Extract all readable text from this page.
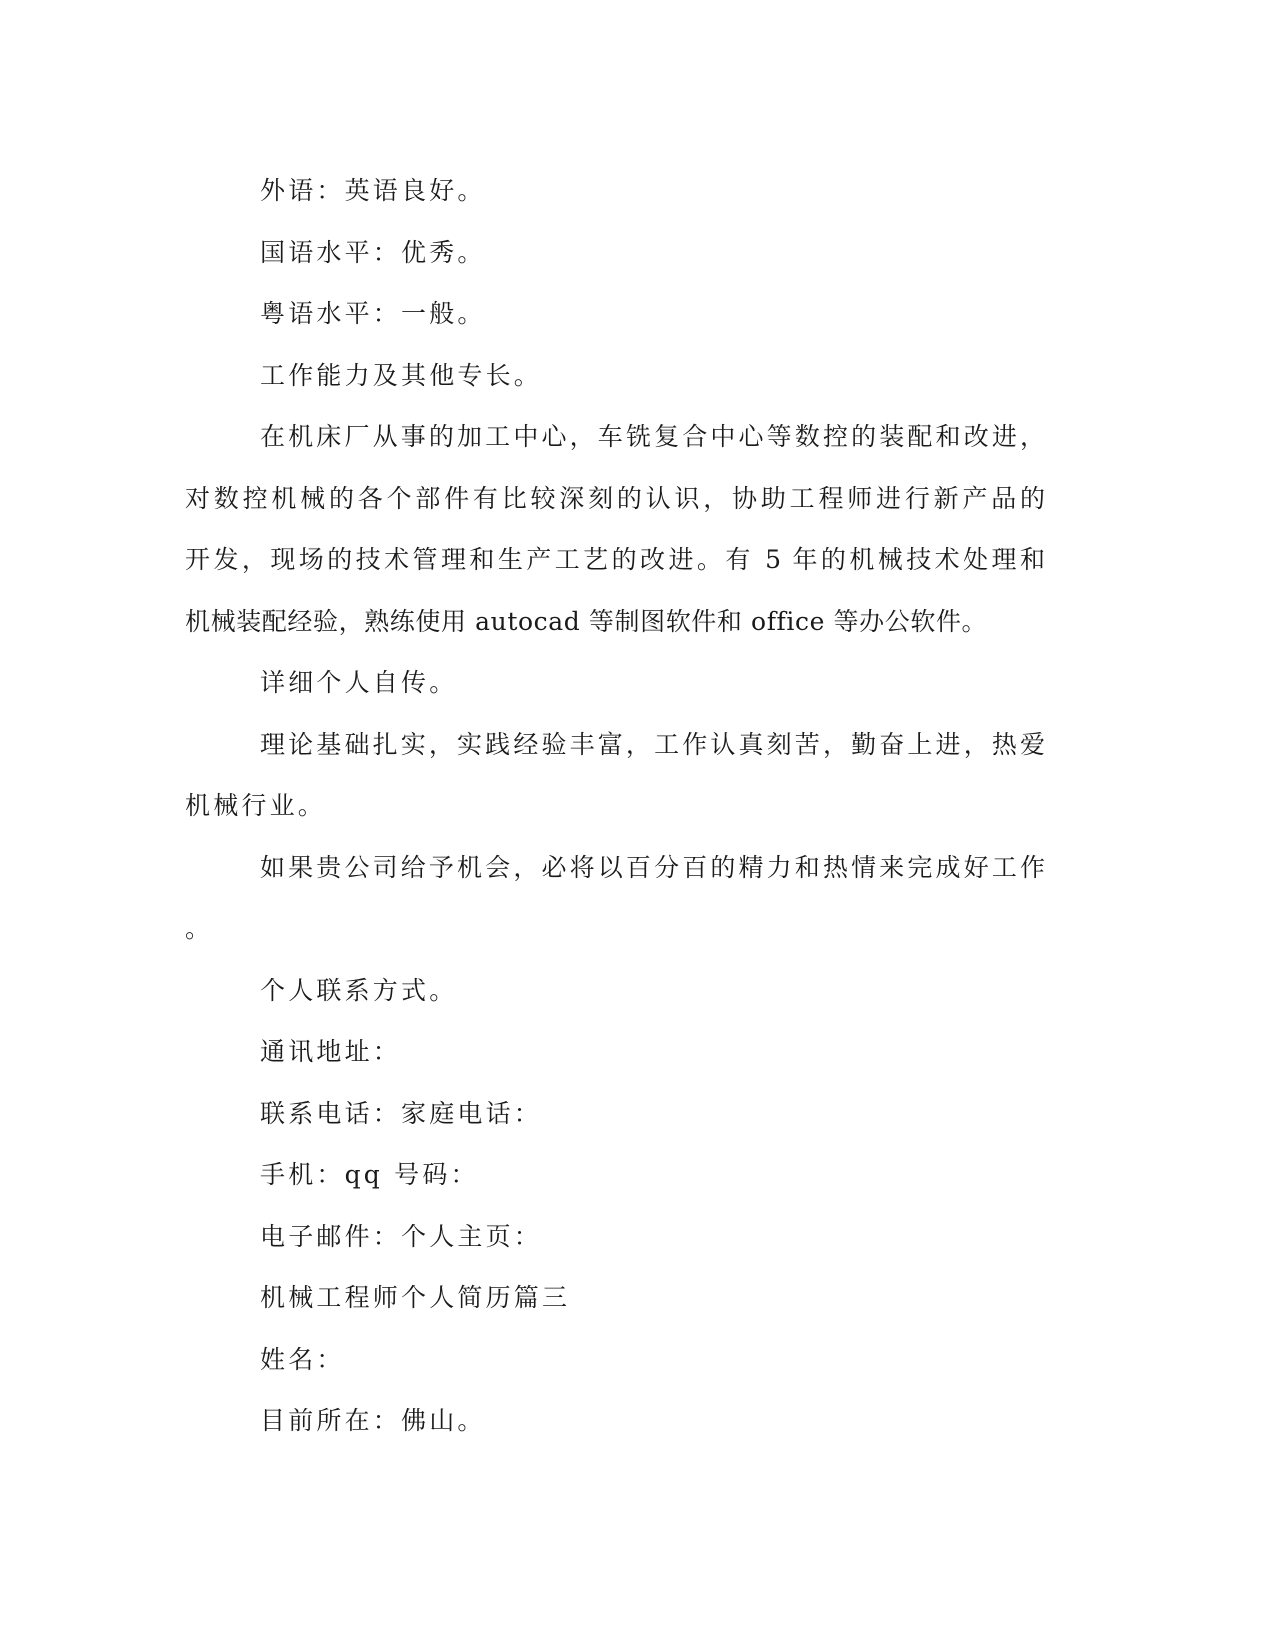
外语：英语良好。
国语水平：优秀。
粤语水平：一般。
工作能力及其他专长。
在机床厂从事的加工中心，车铣复合中心等数控的装配和改进，
对数控机械的各个部件有比较深刻的认识，协助工程师进行新产品的
开发，现场的技术管理和生产工艺的改进。有 5 年的机械技术处理和
机械装配经验，熟练使用 autocad 等制图软件和 office 等办公软件。
详细个人自传。
理论基础扎实，实践经验丰富，工作认真刻苦，勤奋上进，热爱
机械行业。
如果贵公司给予机会，必将以百分百的精力和热情来完成好工作
。
个人联系方式。
通讯地址：
联系电话：家庭电话：
手机：qq 号码：
电子邮件：个人主页：
机械工程师个人简历篇三
姓名：
目前所在：佛山。
